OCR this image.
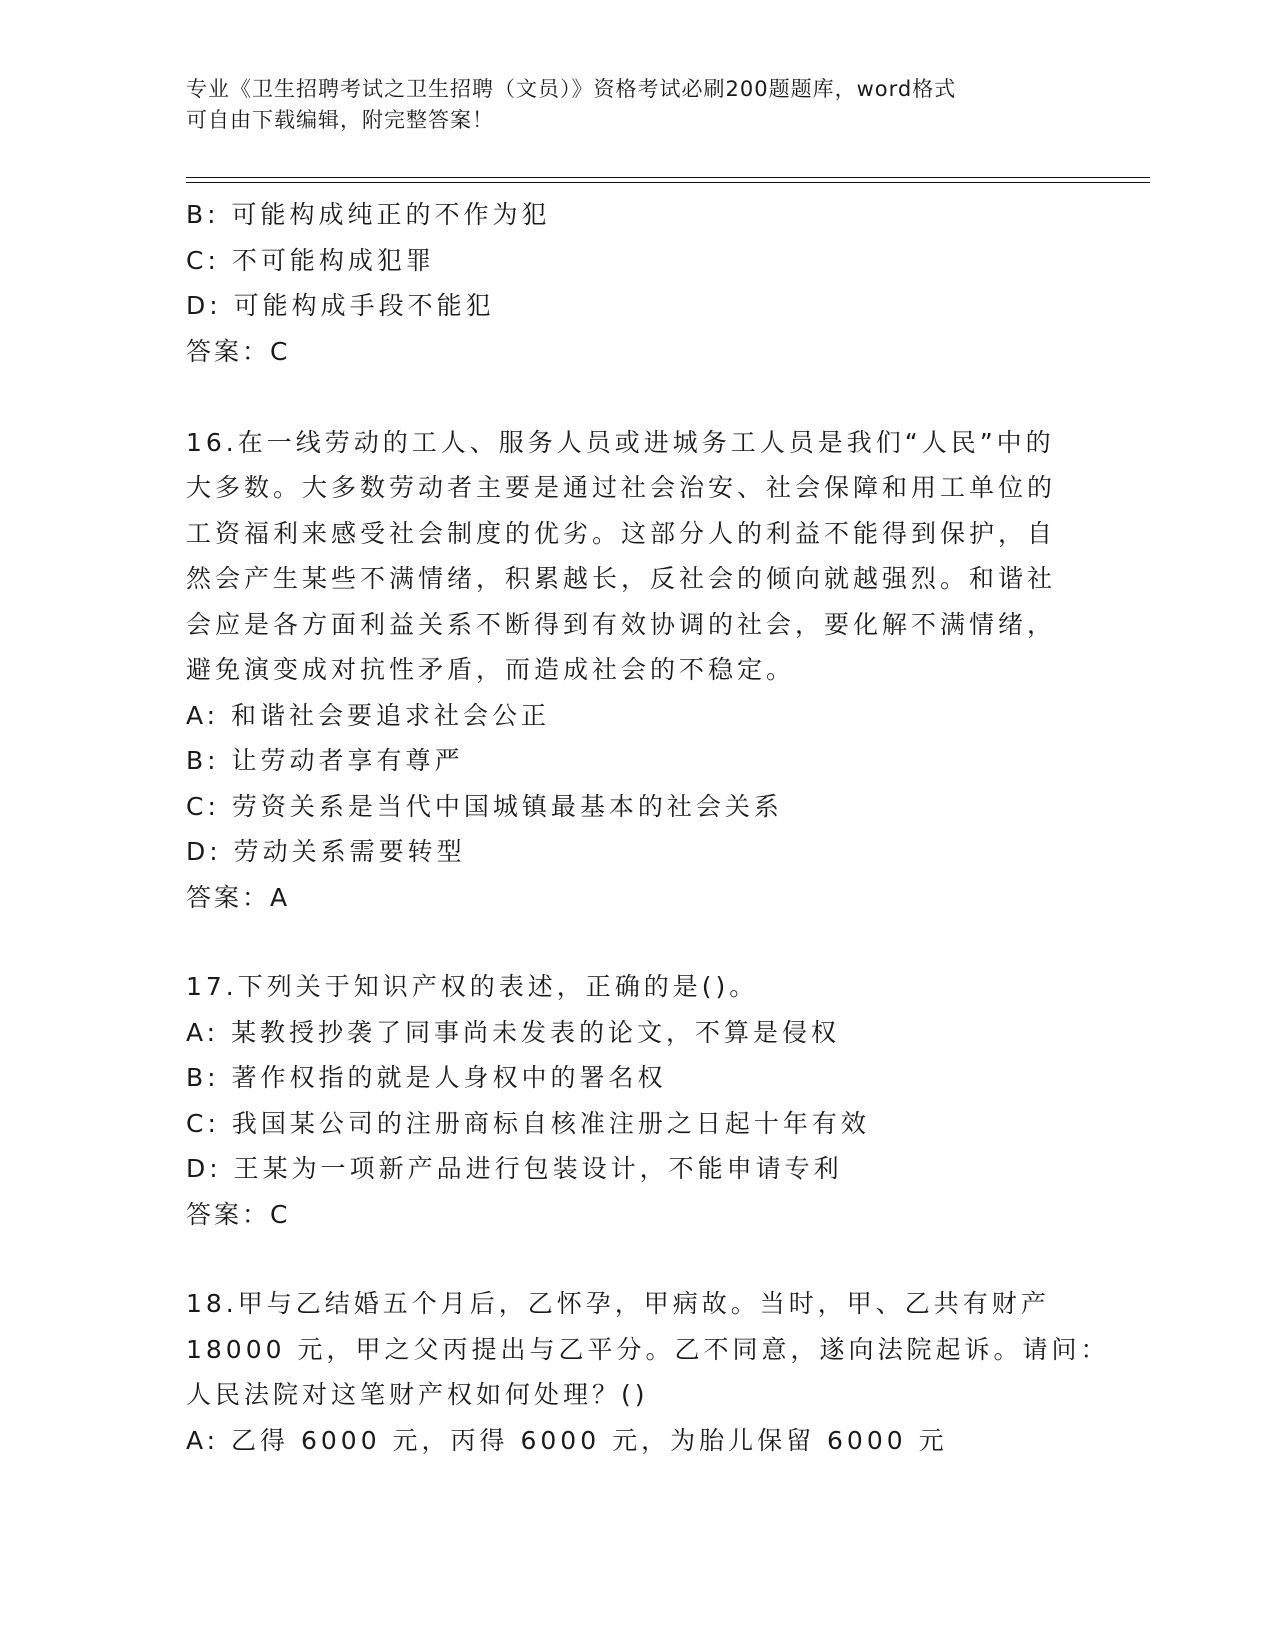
专业《卫生招聘考试之卫生招聘（文员）》资格考试必刷200题题库，word格式
可自由下载编辑，附完整答案！
B: 可能构成纯正的不作为犯
C: 不可能构成犯罪
D: 可能构成手段不能犯
答案：C
16.在一线劳动的工人、服务人员或进城务工人员是我们“人民”中的
大多数。大多数劳动者主要是通过社会治安、社会保障和用工单位的
工资福利来感受社会制度的优劣。这部分人的利益不能得到保护，自
然会产生某些不满情绪，积累越长，反社会的倾向就越强烈。和谐社
会应是各方面利益关系不断得到有效协调的社会，要化解不满情绪，
避免演变成对抗性矛盾，而造成社会的不稳定。
A: 和谐社会要追求社会公正
B: 让劳动者享有尊严
C: 劳资关系是当代中国城镇最基本的社会关系
D: 劳动关系需要转型
答案：A
17.下列关于知识产权的表述，正确的是()。
A: 某教授抄袭了同事尚未发表的论文，不算是侵权
B: 著作权指的就是人身权中的署名权
C: 我国某公司的注册商标自核准注册之日起十年有效
D: 王某为一项新产品进行包装设计，不能申请专利
答案：C
18.甲与乙结婚五个月后，乙怀孕，甲病故。当时，甲、乙共有财产
18000 元，甲之父丙提出与乙平分。乙不同意，遂向法院起诉。请问：
人民法院对这笔财产权如何处理？()
A: 乙得 6000 元，丙得 6000 元，为胎儿保留 6000 元
